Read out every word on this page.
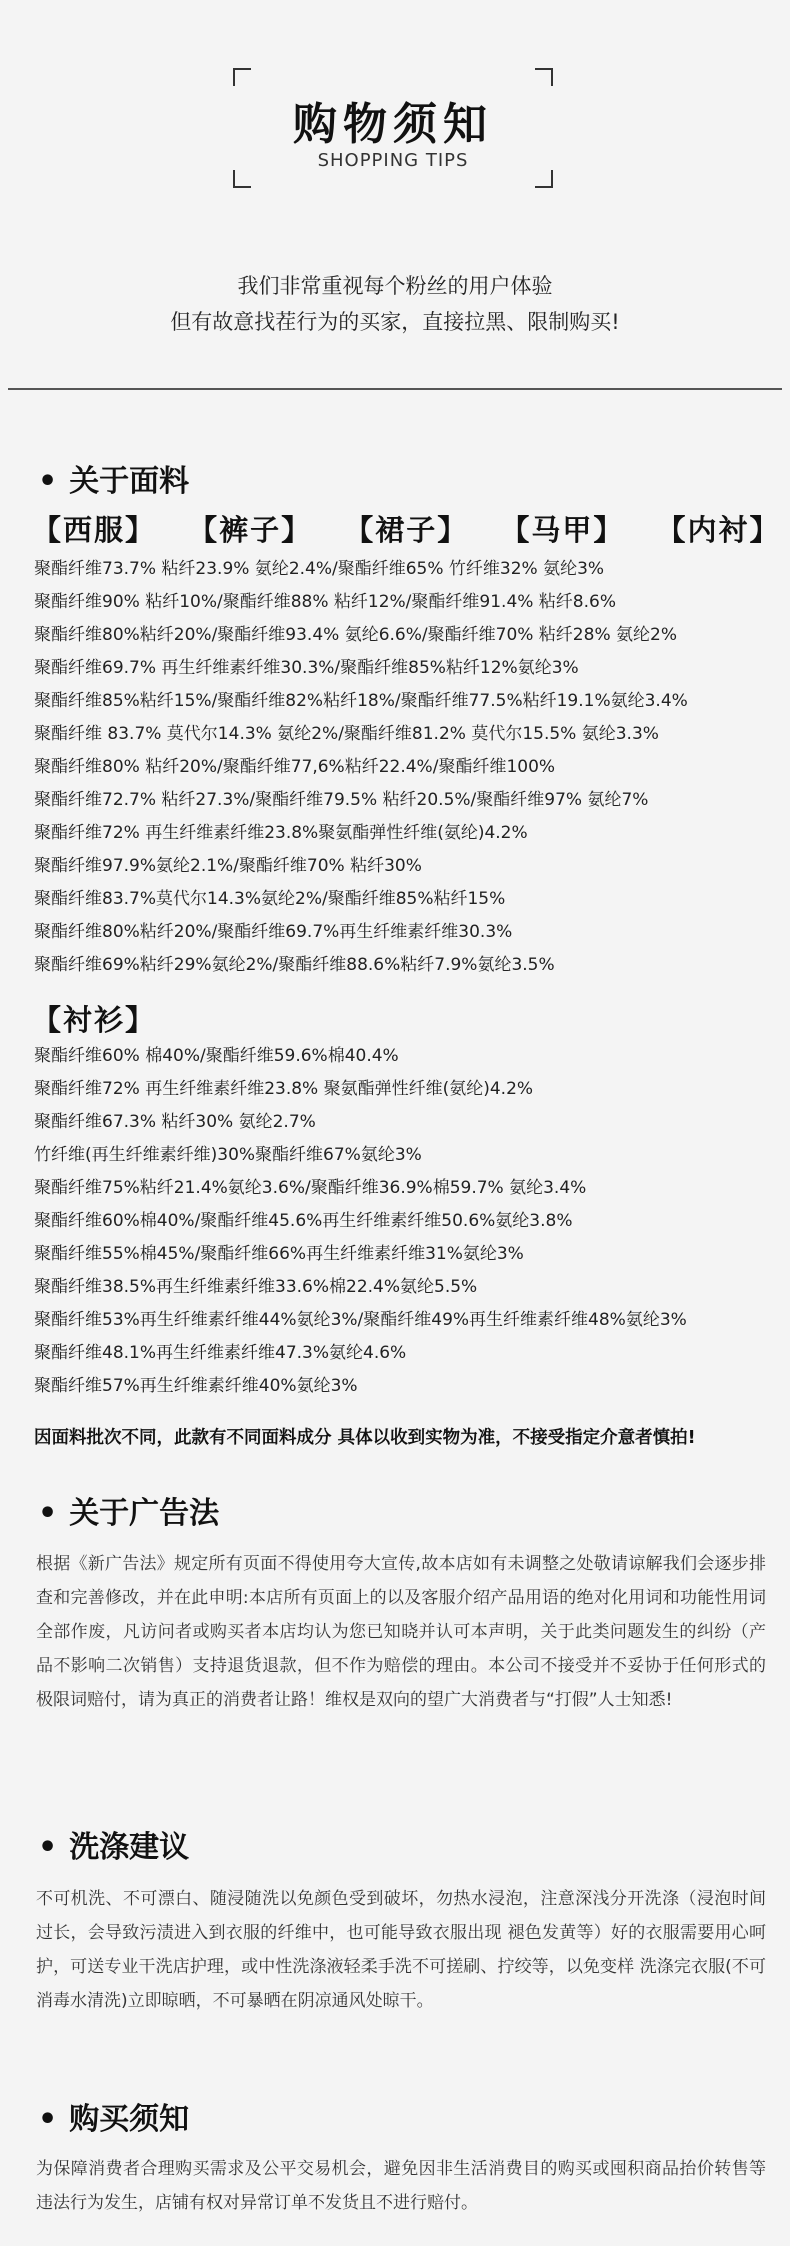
购物须知
SHOPPING TIPS
我们非常重视每个粉丝的用户体验
但有故意找茬行为的买家，直接拉黑、限制购买!
• 关于面料
【西服】 【裤子】 【裙子】 【马甲】 【内衬】
聚酯纤维73.7% 粘纤23.9% 氨纶2.4%/聚酯纤维65% 竹纤维32% 氨纶3%
聚酯纤维90% 粘纤10%/聚酯纤维88% 粘纤12%/聚酯纤维91.4% 粘纤8.6%
聚酯纤维80%粘纤20%/聚酯纤维93.4% 氨纶6.6%/聚酯纤维70% 粘纤28% 氨纶2%
聚酯纤维69.7% 再生纤维素纤维30.3%/聚酯纤维85%粘纤12%氨纶3%
聚酯纤维85%粘纤15%/聚酯纤维82%粘纤18%/聚酯纤维77.5%粘纤19.1%氨纶3.4%
聚酯纤维 83.7% 莫代尔14.3% 氨纶2%/聚酯纤维81.2% 莫代尔15.5% 氨纶3.3%
聚酯纤维80% 粘纤20%/聚酯纤维77,6%粘纤22.4%/聚酯纤维100%
聚酯纤维72.7% 粘纤27.3%/聚酯纤维79.5% 粘纤20.5%/聚酯纤维97% 氨纶7%
聚酯纤维72% 再生纤维素纤维23.8%聚氨酯弹性纤维(氨纶)4.2%
聚酯纤维97.9%氨纶2.1%/聚酯纤维70% 粘纤30%
聚酯纤维83.7%莫代尔14.3%氨纶2%/聚酯纤维85%粘纤15%
聚酯纤维80%粘纤20%/聚酯纤维69.7%再生纤维素纤维30.3%
聚酯纤维69%粘纤29%氨纶2%/聚酯纤维88.6%粘纤7.9%氨纶3.5%
【衬衫】
聚酯纤维60% 棉40%/聚酯纤维59.6%棉40.4%
聚酯纤维72% 再生纤维素纤维23.8% 聚氨酯弹性纤维(氨纶)4.2%
聚酯纤维67.3% 粘纤30% 氨纶2.7%
竹纤维(再生纤维素纤维)30%聚酯纤维67%氨纶3%
聚酯纤维75%粘纤21.4%氨纶3.6%/聚酯纤维36.9%棉59.7% 氨纶3.4%
聚酯纤维60%棉40%/聚酯纤维45.6%再生纤维素纤维50.6%氨纶3.8%
聚酯纤维55%棉45%/聚酯纤维66%再生纤维素纤维31%氨纶3%
聚酯纤维38.5%再生纤维素纤维33.6%棉22.4%氨纶5.5%
聚酯纤维53%再生纤维素纤维44%氨纶3%/聚酯纤维49%再生纤维素纤维48%氨纶3%
聚酯纤维48.1%再生纤维素纤维47.3%氨纶4.6%
聚酯纤维57%再生纤维素纤维40%氨纶3%
因面料批次不同，此款有不同面料成分 具体以收到实物为准，不接受指定介意者慎拍!
• 关于广告法
根据《新广告法》规定所有页面不得使用夸大宣传,故本店如有未调整之处敬请谅解我们会逐步排查和完善修改，并在此申明:本店所有页面上的以及客服介绍产品用语的绝对化用词和功能性用词全部作废，凡访问者或购买者本店均认为您已知晓并认可本声明，关于此类问题发生的纠纷（产品不影响二次销售）支持退货退款，但不作为赔偿的理由。本公司不接受并不妥协于任何形式的极限词赔付，请为真正的消费者让路！维权是双向的望广大消费者与“打假”人士知悉!
• 洗涤建议
不可机洗、不可漂白、随浸随洗以免颜色受到破坏，勿热水浸泡，注意深浅分开洗涤（浸泡时间过长，会导致污渍进入到衣服的纤维中，也可能导致衣服出现 褪色发黄等）好的衣服需要用心呵护，可送专业干洗店护理，或中性洗涤液轻柔手洗不可搓刷、拧绞等，以免变样 洗涤完衣服(不可消毒水清洗)立即晾晒，不可暴晒在阴凉通风处晾干。
• 购买须知
为保障消费者合理购买需求及公平交易机会，避免因非生活消费目的购买或囤积商品抬价转售等违法行为发生，店铺有权对异常订单不发货且不进行赔付。
